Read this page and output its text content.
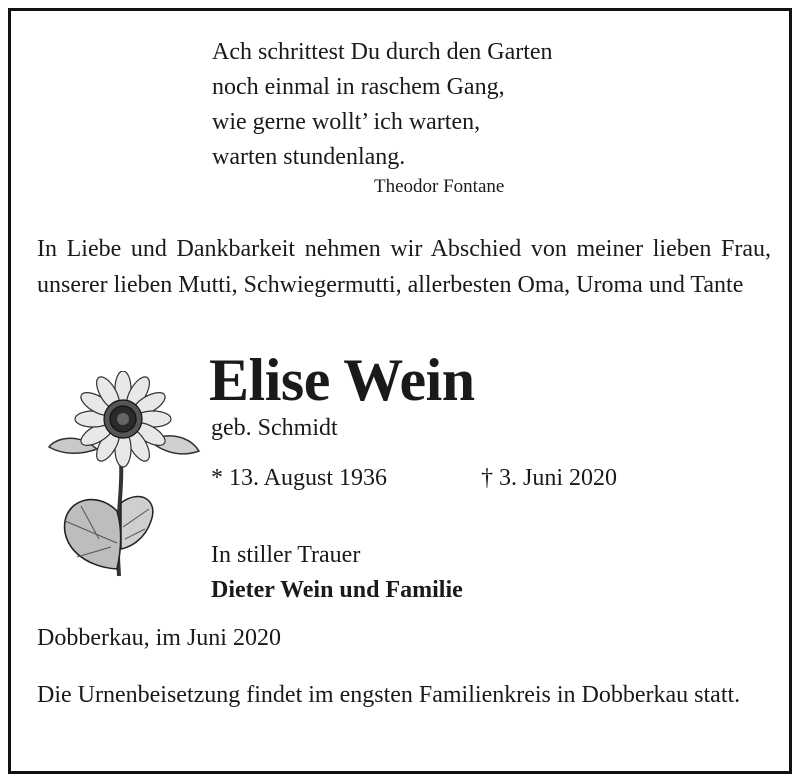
Ach schrittest Du durch den Garten
noch einmal in raschem Gang,
wie gerne wollt’ ich warten,
warten stundenlang.
Theodor Fontane
In Liebe und Dankbarkeit nehmen wir Abschied von meiner lieben Frau, unserer lieben Mutti, Schwiegermutti, allerbesten Oma, Uroma und Tante
Elise Wein
geb. Schmidt
* 13. August 1936	† 3. Juni 2020
In stiller Trauer
Dieter Wein und Familie
Dobberkau, im Juni 2020
Die Urnenbeisetzung findet im engsten Familienkreis in Dobberkau statt.
